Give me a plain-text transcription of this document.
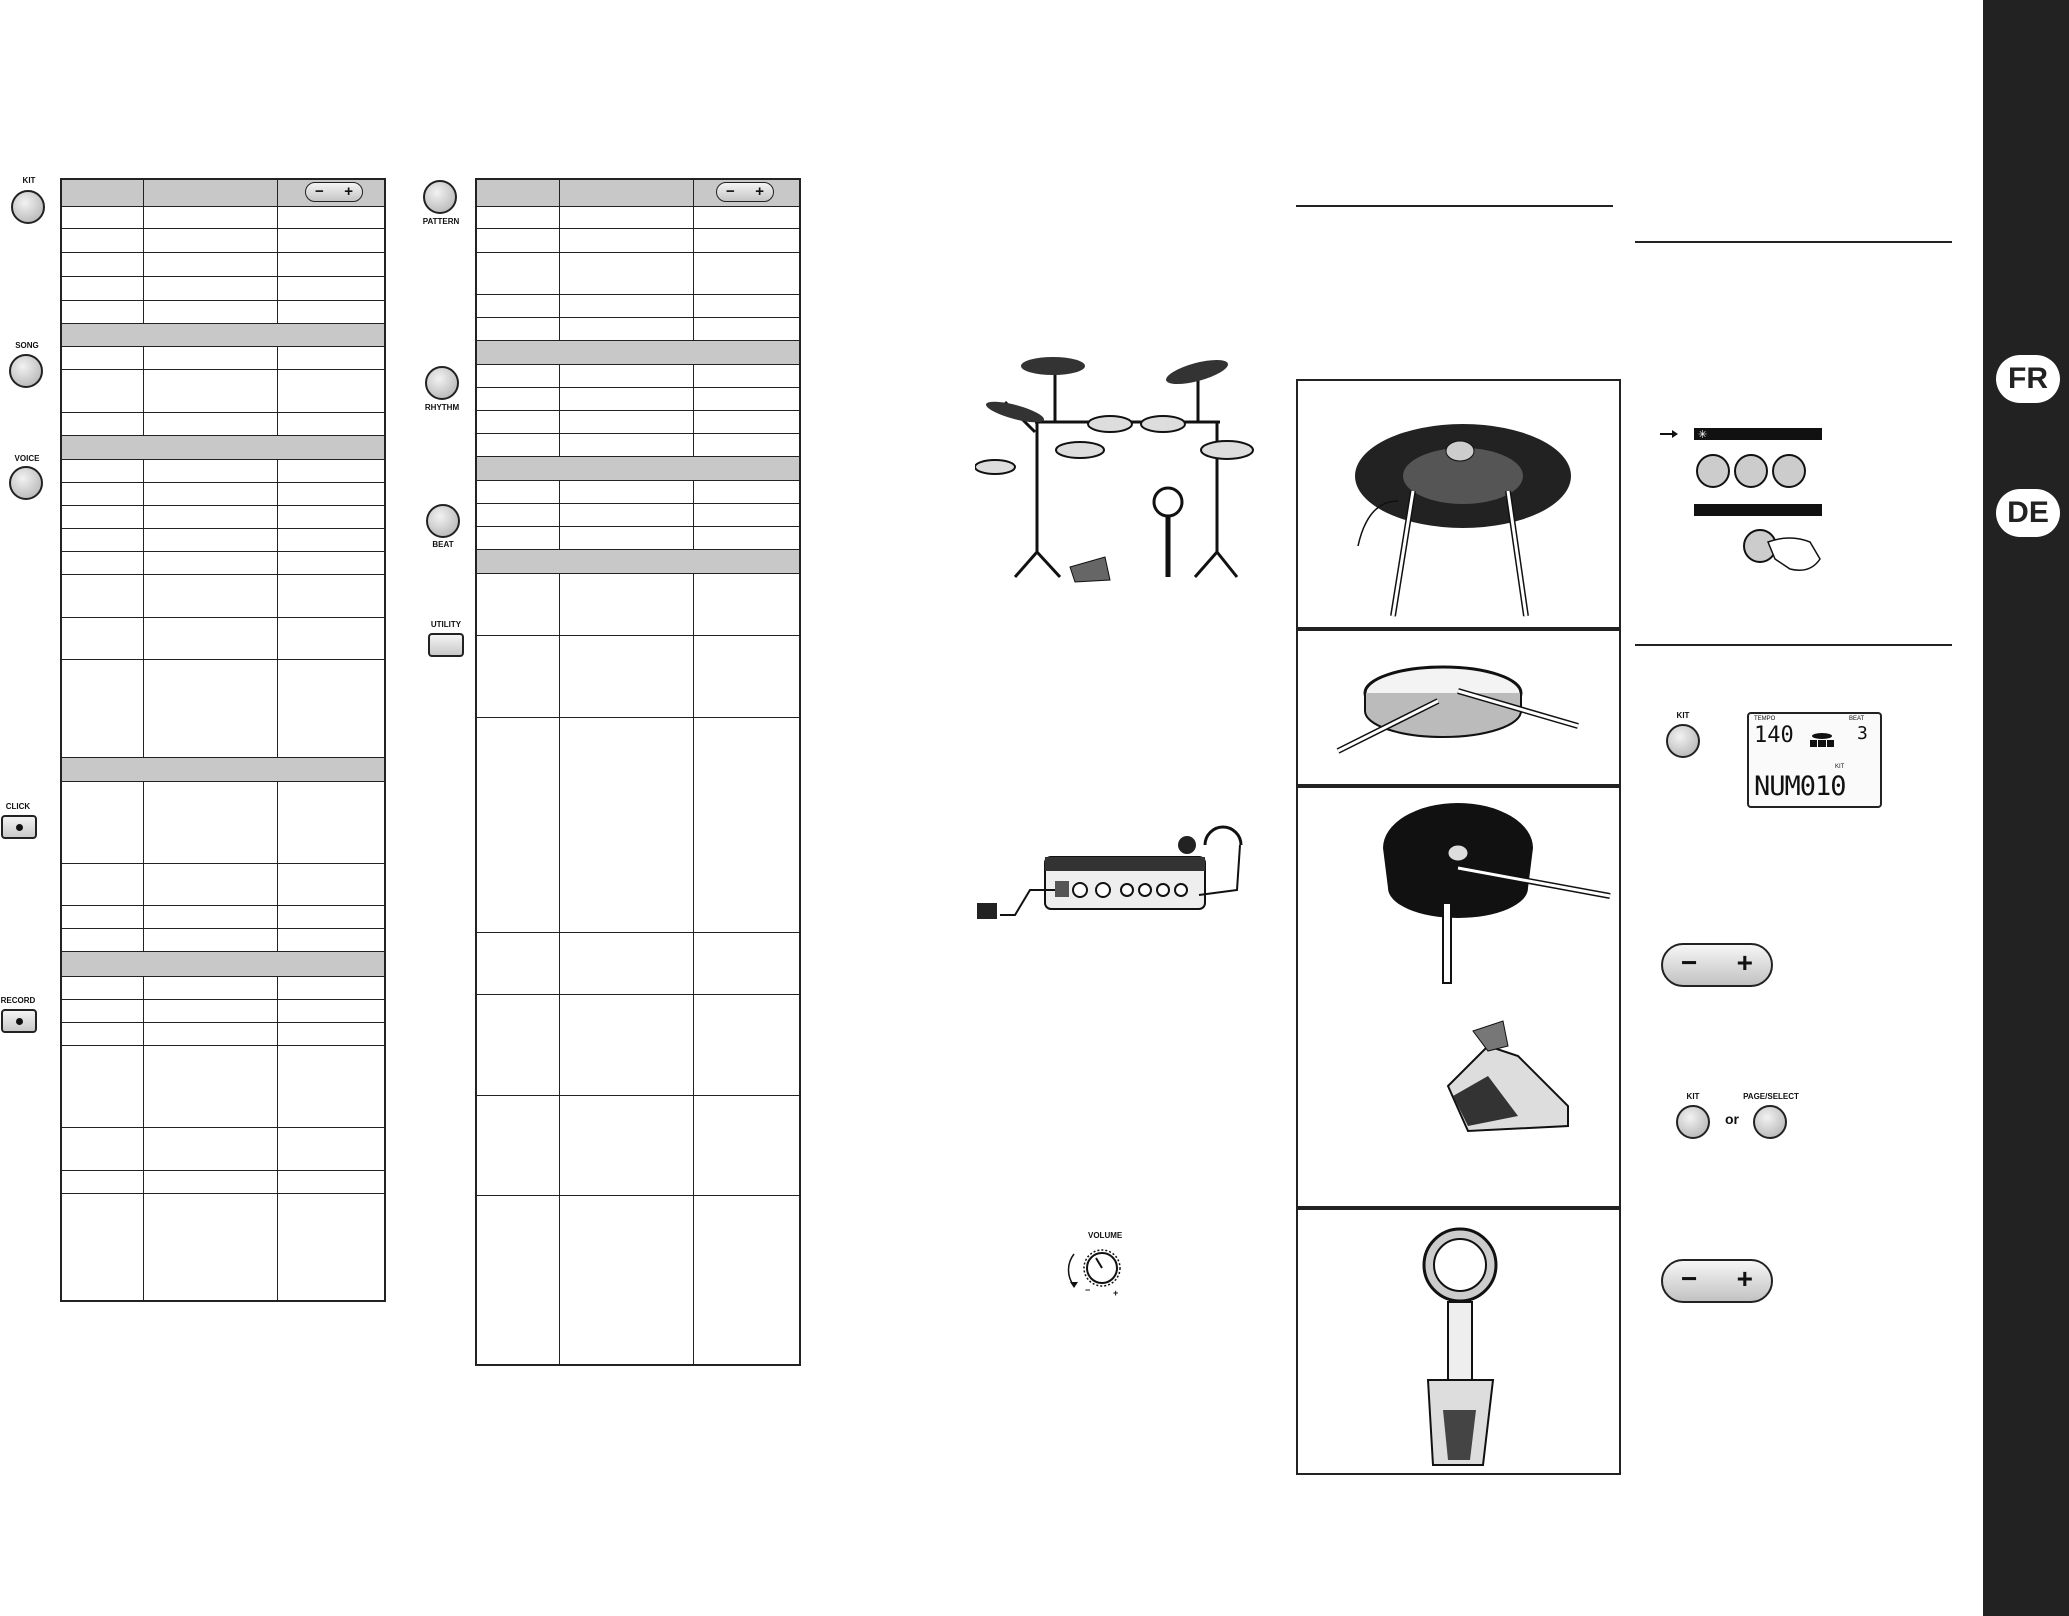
KIT
SONG
VOICE
CLICK
RECORD
− +
PATTERN
RHYTHM
BEAT
UTILITY
− +
VOLUME
−	+
✳
KIT	TEMPO
140
BEAT
3
KIT
NUM010
− +
KIT
or
PAGE/SELECT
− +
FR
DE
